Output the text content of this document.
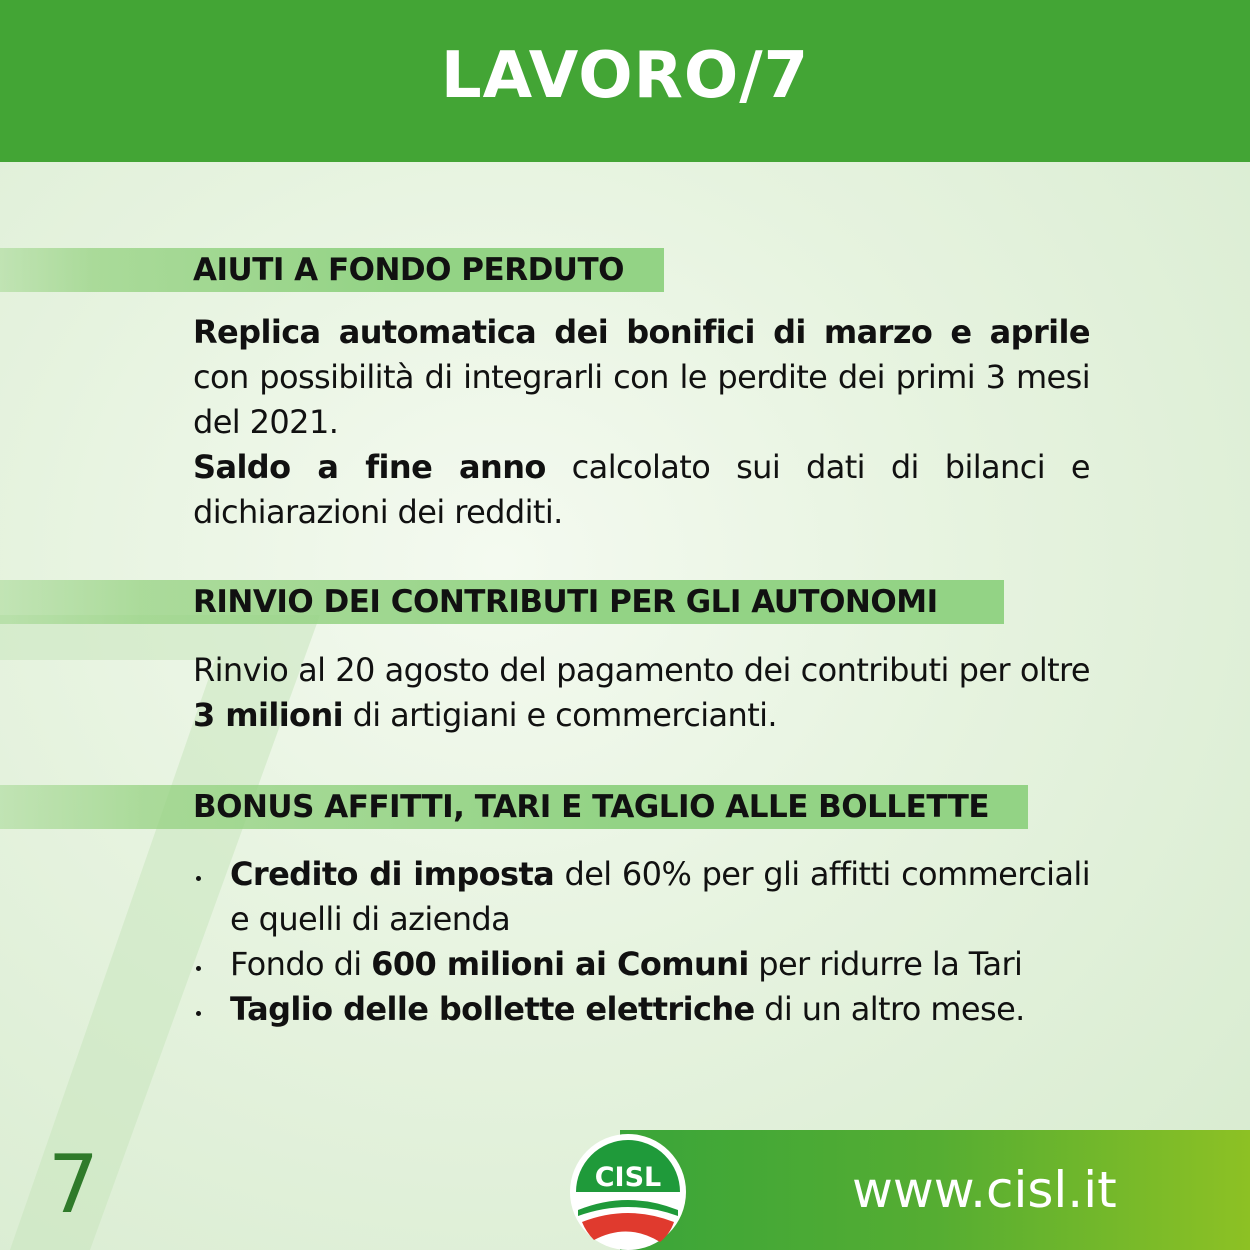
LAVORO/7
AIUTI A FONDO PERDUTO
Replica automatica dei bonifici di marzo e aprile con possibilità di integrarli con le perdite dei primi 3 mesi del 2021.
Saldo a fine anno calcolato sui dati di bilanci e dichiarazioni dei redditi.
RINVIO DEI CONTRIBUTI PER GLI AUTONOMI
Rinvio al 20 agosto del pagamento dei contributi per oltre 3 milioni di artigiani e commercianti.
BONUS AFFITTI, TARI E TAGLIO ALLE BOLLETTE
Credito di imposta del 60% per gli affitti commerciali e quelli di azienda
Fondo di 600 milioni ai Comuni per ridurre la Tari
Taglio delle bollette elettriche di un altro mese.
7	www.cisl.it
CISL
